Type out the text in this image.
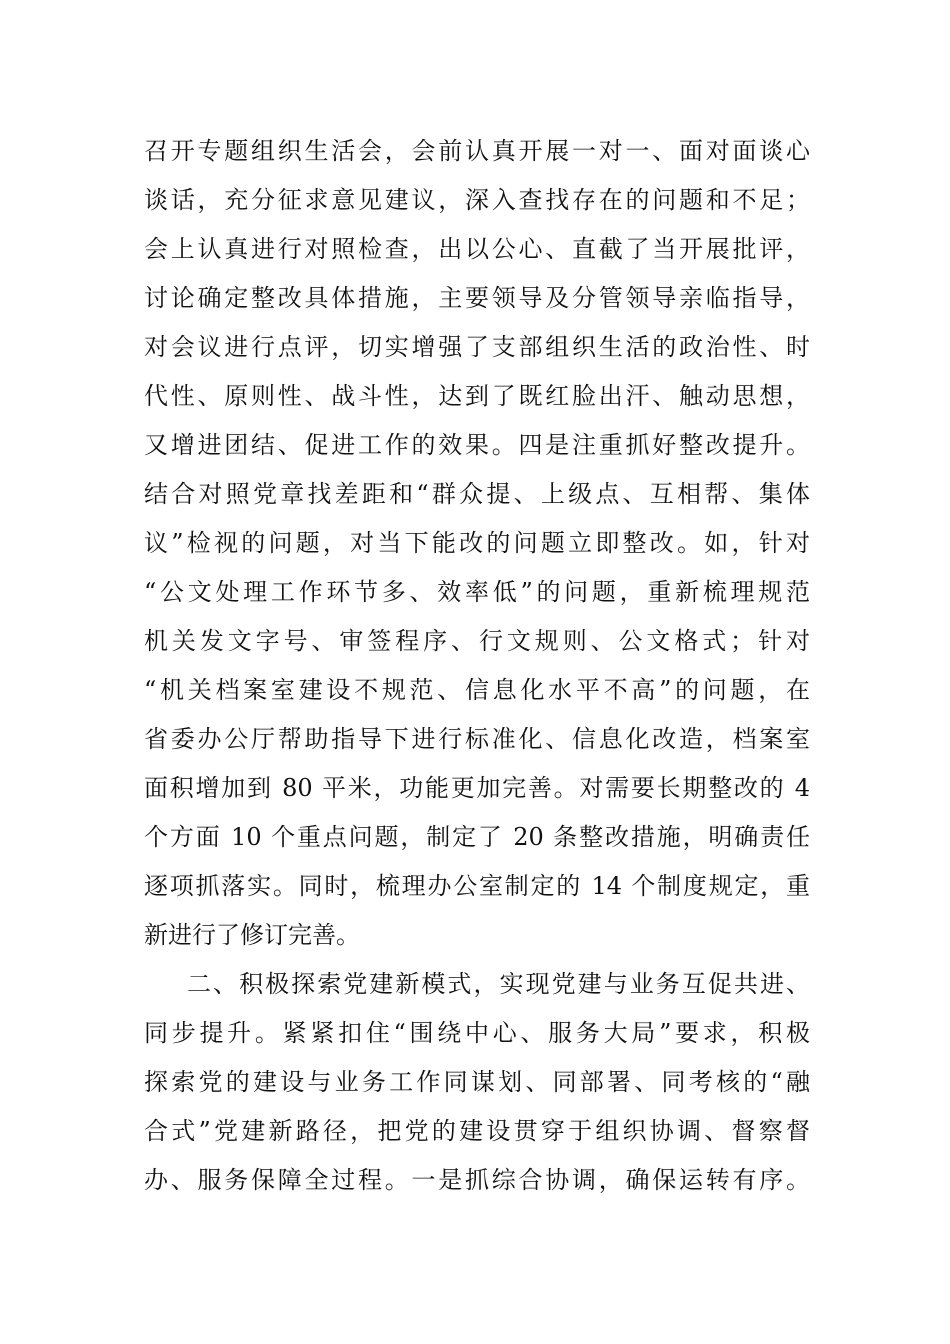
召开专题组织生活会，会前认真开展一对一、面对面谈心
谈话，充分征求意见建议，深入查找存在的问题和不足；
会上认真进行对照检查，出以公心、直截了当开展批评，
讨论确定整改具体措施，主要领导及分管领导亲临指导，
对会议进行点评，切实增强了支部组织生活的政治性、时
代性、原则性、战斗性，达到了既红脸出汗、触动思想，
又增进团结、促进工作的效果。四是注重抓好整改提升。
结合对照党章找差距和“群众提、上级点、互相帮、集体
议”检视的问题，对当下能改的问题立即整改。如，针对
“公文处理工作环节多、效率低”的问题，重新梳理规范
机关发文字号、审签程序、行文规则、公文格式；针对
“机关档案室建设不规范、信息化水平不高”的问题，在
省委办公厅帮助指导下进行标准化、信息化改造，档案室
面积增加到 80 平米，功能更加完善。对需要长期整改的 4
个方面 10 个重点问题，制定了 20 条整改措施，明确责任
逐项抓落实。同时，梳理办公室制定的 14 个制度规定，重
新进行了修订完善。
二、积极探索党建新模式，实现党建与业务互促共进、
同步提升。紧紧扣住“围绕中心、服务大局”要求，积极
探索党的建设与业务工作同谋划、同部署、同考核的“融
合式”党建新路径，把党的建设贯穿于组织协调、督察督
办、服务保障全过程。一是抓综合协调，确保运转有序。
